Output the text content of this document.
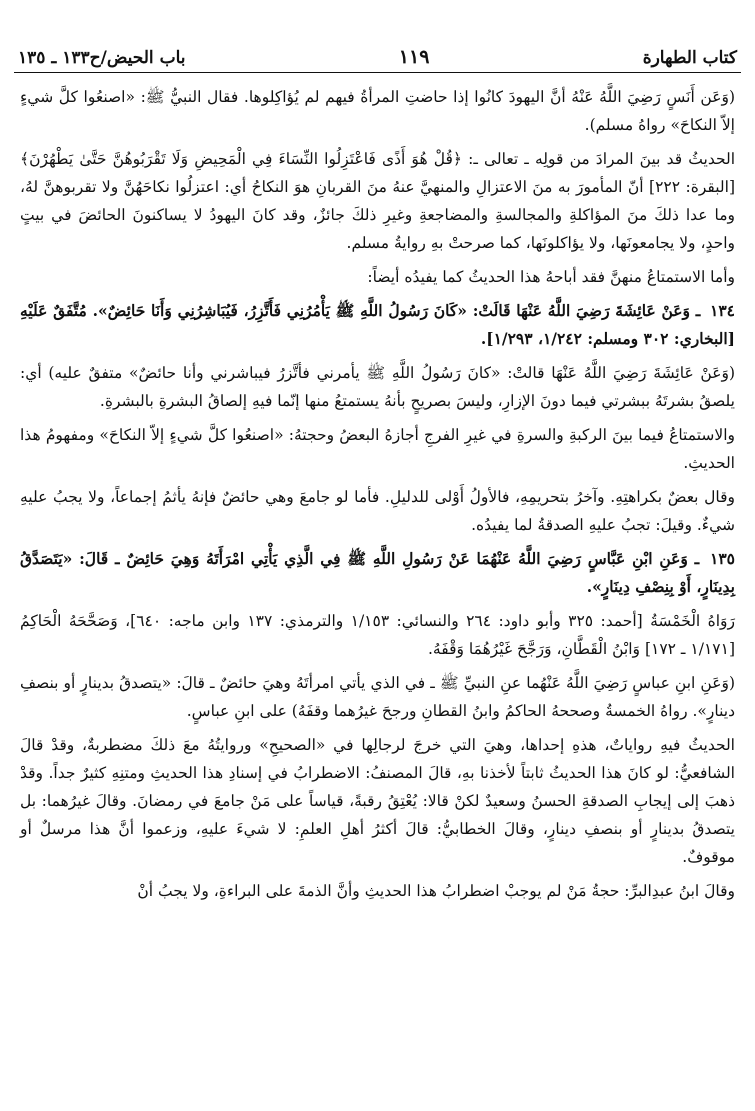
كتاب الطهارة
١١٩
باب الحيض/ح١٣٣ ـ ١٣٥

(وَعَن أَنَسٍ رَضِيَ اللَّهُ عَنْهُ أنَّ اليهودَ كانُوا إذا حاضتِ المرأةُ فيهم لم يُؤاكِلوها. فقال النبيُّ ﷺ: «اصنعُوا كلَّ شيءٍ إلاّ النكاحَ» رواهُ مسلم).

الحديثُ قد بينَ المرادَ من قولِه ـ تعالى ـ: ﴿قُلْ هُوَ أَذًى فَاعْتَزِلُوا النِّسَاءَ فِي الْمَحِيضِ وَلَا تَقْرَبُوهُنَّ حَتَّىٰ يَطْهُرْنَ﴾ [البقرة: ٢٢٢] أنّ المأمورَ به منَ الاعتزالِ والمنهيَّ عنهُ منَ القربانِ هوَ النكاحُ أي: اعتزلُوا نكاحَهُنَّ ولا تقربوهنَّ لهُ، وما عدا ذلكَ منَ المؤاكلةِ والمجالسةِ والمضاجعةِ وغيرِ ذلكَ جائزٌ، وقد كانَ اليهودُ لا يساكنونَ الحائضَ في بيتٍ واحدٍ، ولا يجامعونَها، ولا يؤاكلونَها، كما صرحتْ بهِ روايةُ مسلم.

وأما الاستمتاعُ منهنَّ فقد أباحهُ هذا الحديثُ كما يفيدُه أيضاً:

١٣٤ ـ وَعَنْ عَائِشَةَ رَضِيَ اللَّهُ عَنْهَا قَالَتْ: «كَانَ رَسُولُ اللَّهِ ﷺ يَأْمُرُنِي فَأَتَّزِرُ، فَيُبَاشِرُنِي وَأَنَا حَائِضٌ». مُتَّفَقٌ عَلَيْهِ [البخاري: ٣٠٢ ومسلم: ١/٢٤٢، ١/٢٩٣].

(وَعَنْ عَائِشَةَ رَضِيَ اللَّهُ عَنْهَا قالتْ: «كانَ رَسُولُ اللَّهِ ﷺ يأمرني فأتَّزرُ فيباشرني وأنا حائضٌ» متفقٌ عليه) أي: يلصقُ بشرتَهُ ببشرتي فيما دونَ الإزارِ، وليسَ بصريحٍ بأنهُ يستمتعُ منها إنّما فيهِ إلصاقُ البشرةِ بالبشرةِ.

والاستمتاعُ فيما بينَ الركبةِ والسرةِ في غيرِ الفرجِ أجازهُ البعضُ وحجتهُ: «اصنعُوا كلَّ شيءٍ إلاّ النكاحَ» ومفهومُ هذا الحديثِ.

وقال بعضٌ بكراهتِهِ. وآخرُ بتحريمِهِ، فالأولُ أَوْلى للدليلِ. فأما لو جامعَ وهي حائضٌ فإنهُ يأثمُ إجماعاً، ولا يجبُ عليهِ شيءٌ. وقيلَ: تجبُ عليهِ الصدقةُ لما يفيدُه.

١٣٥ ـ وَعَنِ ابْنِ عَبَّاسٍ رَضِيَ اللَّهُ عَنْهُمَا عَنْ رَسُولِ اللَّهِ ﷺ فِي الَّذِي يَأْتِي امْرَأَتَهُ وَهِيَ حَائِضٌ ـ قَالَ: «يَتَصَدَّقُ بِدِينَارٍ، أَوْ بِنِصْفِ دِينَارٍ».

رَوَاهُ الْخَمْسَةُ [أحمد: ٣٢٥ وأبو داود: ٢٦٤ والنسائي: ١/١٥٣ والترمذي: ١٣٧ وابن ماجه: ٦٤٠]، وَصَحَّحَهُ الْحَاكِمُ [١/١٧١ ـ ١٧٢] وَابْنُ الْقَطَّانِ، وَرَجَّحَ غَيْرُهُمَا وَقْفَهُ.

(وَعَنِ ابنِ عباسٍ رَضِيَ اللَّهُ عَنْهُما عنِ النبيِّ ﷺ ـ في الذي يأتي امرأتَهُ وهيَ حائضٌ ـ قالَ: «يتصدقُ بدينارٍ أو بنصفِ دينارٍ». رواهُ الخمسةُ وصححهُ الحاكمُ وابنُ القطانِ ورجحَ غيرُهما وقفَهُ) على ابنِ عباسٍ.

الحديثُ فيهِ رواياتٌ، هذهِ إحداها، وهيَ التي خرجَ لرجالِها في «الصحيحِ» وروايتُهُ معَ ذلكَ مضطربةٌ، وقدْ قالَ الشافعيُّ: لو كانَ هذا الحديثُ ثابتاً لأخذنا بهِ، قالَ المصنفُ: الاضطرابُ في إسنادِ هذا الحديثِ ومتنِهِ كثيرٌ جداً. وقدْ ذهبَ إلى إيجابِ الصدقةِ الحسنُ وسعيدٌ لكنْ قالا: يُعْتِقُ رقبةً، قياساً على مَنْ جامعَ في رمضانَ. وقالَ غيرُهما: بل يتصدقُ بدينارٍ أو بنصفِ دينارٍ، وقالَ الخطابيُّ: قالَ أكثرُ أهلِ العلمِ: لا شيءَ عليهِ، وزعموا أنَّ هذا مرسلٌ أو موقوفٌ.

وقالَ ابنُ عبدِالبرِّ: حجةُ مَنْ لم يوجبْ اضطرابُ هذا الحديثِ وأنَّ الذمةَ على البراءةِ، ولا يجبُ أنْ
